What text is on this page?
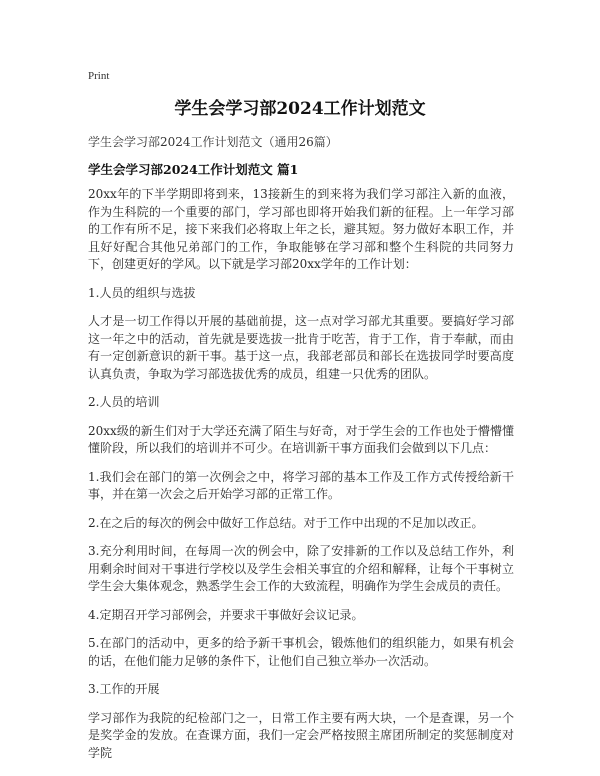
Print
学生会学习部2024工作计划范文
学生会学习部2024工作计划范文（通用26篇）
学生会学习部2024工作计划范文 篇1

20xx年的下半学期即将到来，13接新生的到来将为我们学习部注入新的血液，作为生科院的一个重要的部门，学习部也即将开始我们新的征程。上一年学习部的工作有所不足，接下来我们必将取上年之长，避其短。努力做好本职工作，并且好好配合其他兄弟部门的工作，争取能够在学习部和整个生科院的共同努力下，创建更好的学风。以下就是学习部20xx学年的工作计划：

1.人员的组织与选拔

人才是一切工作得以开展的基础前提，这一点对学习部尤其重要。要搞好学习部这一年之中的活动，首先就是要选拔一批肯于吃苦，肯于工作，肯于奉献，而由有一定创新意识的新干事。基于这一点，我部老部员和部长在选拔同学时要高度认真负责，争取为学习部选拔优秀的成员，组建一只优秀的团队。

2.人员的培训

20xx级的新生们对于大学还充满了陌生与好奇，对于学生会的工作也处于懵懵懂懂阶段，所以我们的培训并不可少。在培训新干事方面我们会做到以下几点：

1.我们会在部门的第一次例会之中，将学习部的基本工作及工作方式传授给新干事，并在第一次会之后开始学习部的正常工作。

2.在之后的每次的例会中做好工作总结。对于工作中出现的不足加以改正。

3.充分利用时间，在每周一次的例会中，除了安排新的工作以及总结工作外，利用剩余时间对干事进行学校以及学生会相关事宜的介绍和解释，让每个干事树立学生会大集体观念，熟悉学生会工作的大致流程，明确作为学生会成员的责任。

4.定期召开学习部例会，并要求干事做好会议记录。

5.在部门的活动中，更多的给予新干事机会，锻炼他们的组织能力，如果有机会的话，在他们能力足够的条件下，让他们自己独立举办一次活动。

3.工作的开展

学习部作为我院的纪检部门之一，日常工作主要有两大块，一个是查课，另一个是奖学金的发放。在查课方面，我们一定会严格按照主席团所制定的奖惩制度对学院
